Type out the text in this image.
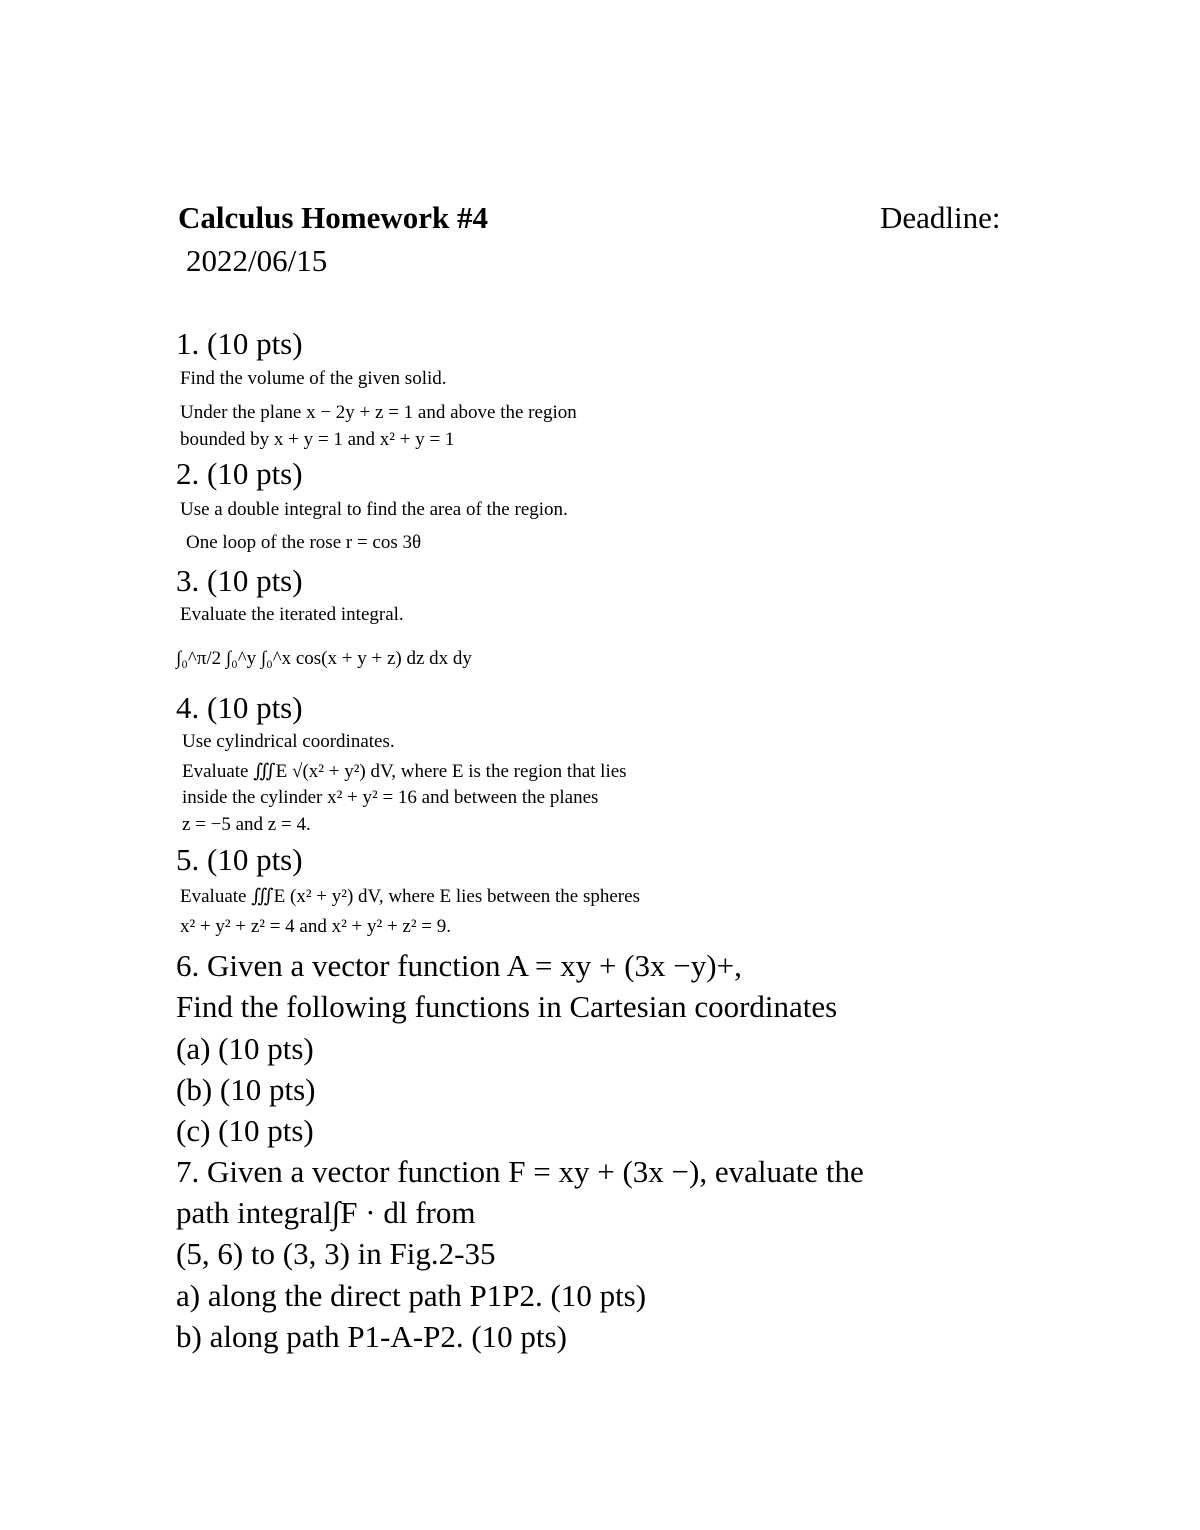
Calculus Homework #4	Deadline:
2022/06/15
1. (10 pts)
Find the volume of the given solid.
Under the plane x − 2y + z = 1 and above the region
bounded by x + y = 1 and x² + y = 1
2. (10 pts)
Use a double integral to find the area of the region.
One loop of the rose r = cos 3θ
3. (10 pts)
Evaluate the iterated integral.
∫₀^π/2 ∫₀^y ∫₀^x cos(x + y + z) dz dx dy
4. (10 pts)
Use cylindrical coordinates.
Evaluate ∭E √(x² + y²) dV, where E is the region that lies
inside the cylinder x² + y² = 16 and between the planes
z = −5 and z = 4.
5. (10 pts)
Evaluate ∭E (x² + y²) dV, where E lies between the spheres
x² + y² + z² = 4 and x² + y² + z² = 9.
6. Given a vector function A = xy + (3x −y)+,
Find the following functions in Cartesian coordinates
(a) (10 pts)
(b) (10 pts)
(c) (10 pts)
7. Given a vector function F = xy + (3x −), evaluate the
path integral∫F · dl from
(5, 6) to (3, 3) in Fig.2-35
a) along the direct path P1P2. (10 pts)
b) along path P1-A-P2. (10 pts)
